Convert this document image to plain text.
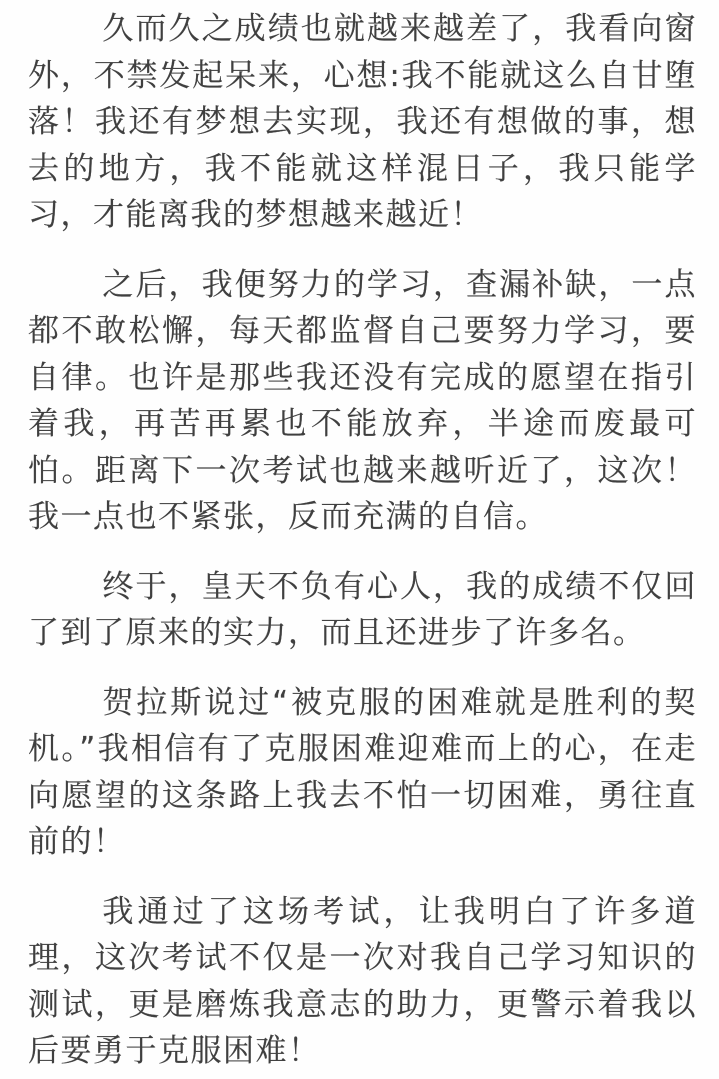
久而久之成绩也就越来越差了，我看向窗外，不禁发起呆来，心想:我不能就这么自甘堕落！我还有梦想去实现，我还有想做的事，想去的地方，我不能就这样混日子，我只能学习，才能离我的梦想越来越近！

之后，我便努力的学习，查漏补缺，一点都不敢松懈，每天都监督自己要努力学习，要自律。也许是那些我还没有完成的愿望在指引着我，再苦再累也不能放弃，半途而废最可怕。距离下一次考试也越来越听近了，这次！我一点也不紧张，反而充满的自信。

终于，皇天不负有心人，我的成绩不仅回了到了原来的实力，而且还进步了许多名。

贺拉斯说过“被克服的困难就是胜利的契机。”我相信有了克服困难迎难而上的心，在走向愿望的这条路上我去不怕一切困难，勇往直前的！

我通过了这场考试，让我明白了许多道理，这次考试不仅是一次对我自己学习知识的测试，更是磨炼我意志的助力，更警示着我以后要勇于克服困难！
